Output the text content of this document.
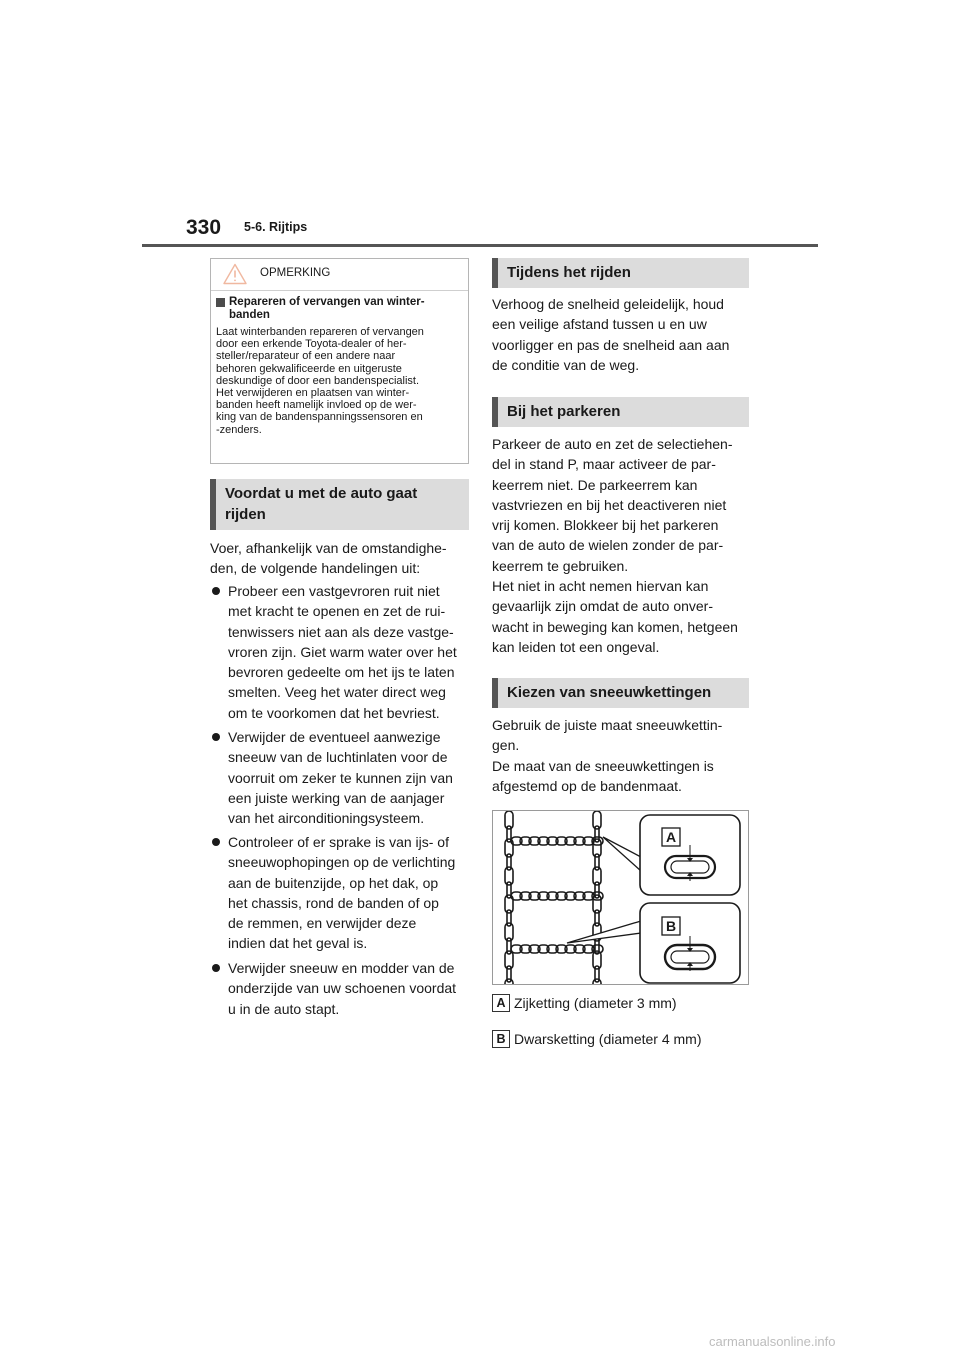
330 5-6. Rijtips
OPMERKING
Repareren of vervangen van winter-
banden
Laat winterbanden repareren of vervangen
door een erkende Toyota-dealer of her-
steller/reparateur of een andere naar
behoren gekwalificeerde en uitgeruste
deskundige of door een bandenspecialist.
Het verwijderen en plaatsen van winter-
banden heeft namelijk invloed op de wer-
king van de bandenspanningssensoren en
-zenders.
Voordat u met de auto gaat
rijden
Voer, afhankelijk van de omstandighe-
den, de volgende handelingen uit:
Probeer een vastgevroren ruit niet
met kracht te openen en zet de rui-
tenwissers niet aan als deze vastge-
vroren zijn. Giet warm water over het
bevroren gedeelte om het ijs te laten
smelten. Veeg het water direct weg
om te voorkomen dat het bevriest.
Verwijder de eventueel aanwezige
sneeuw van de luchtinlaten voor de
voorruit om zeker te kunnen zijn van
een juiste werking van de aanjager
van het airconditioningsysteem.
Controleer of er sprake is van ijs- of
sneeuwophopingen op de verlichting
aan de buitenzijde, op het dak, op
het chassis, rond de banden of op
de remmen, en verwijder deze
indien dat het geval is.
Verwijder sneeuw en modder van de
onderzijde van uw schoenen voordat
u in de auto stapt.
Tijdens het rijden
Verhoog de snelheid geleidelijk, houd
een veilige afstand tussen u en uw
voorligger en pas de snelheid aan aan
de conditie van de weg.
Bij het parkeren
Parkeer de auto en zet de selectiehen-
del in stand P, maar activeer de par-
keerrem niet. De parkeerrem kan
vastvriezen en bij het deactiveren niet
vrij komen. Blokkeer bij het parkeren
van de auto de wielen zonder de par-
keerrem te gebruiken.
Het niet in acht nemen hiervan kan
gevaarlijk zijn omdat de auto onver-
wacht in beweging kan komen, hetgeen
kan leiden tot een ongeval.
Kiezen van sneeuwkettingen
Gebruik de juiste maat sneeuwkettin-
gen.
De maat van de sneeuwkettingen is
afgestemd op de bandenmaat.
A
B
A Zijketting (diameter 3 mm)
B Dwarsketting (diameter 4 mm)
carmanualsonline.info
